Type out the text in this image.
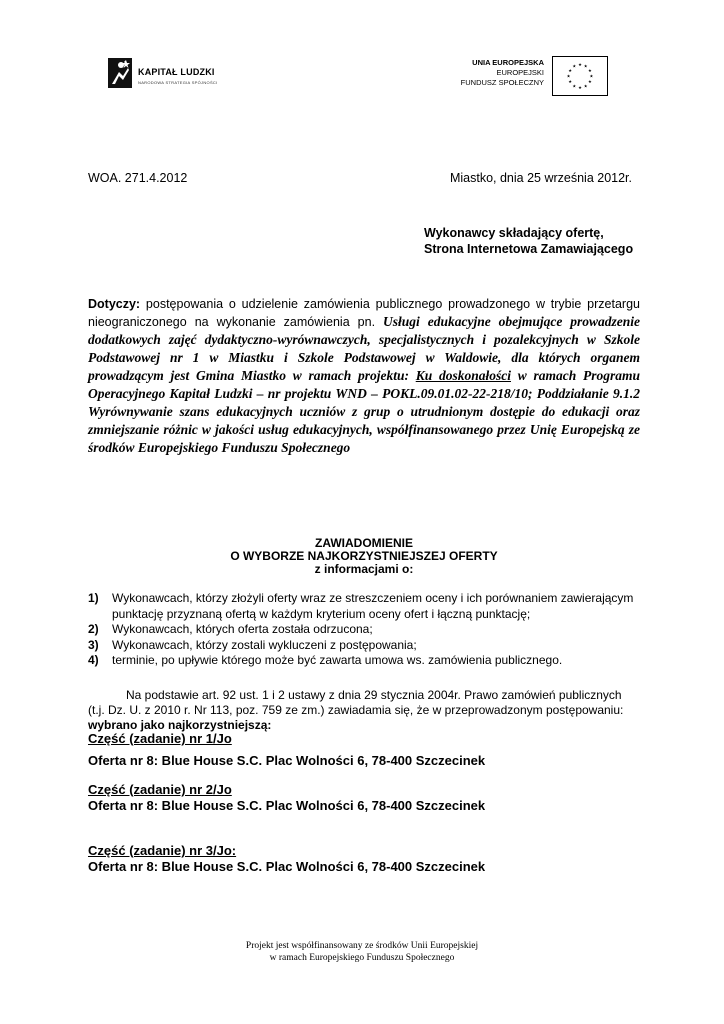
KAPITAŁ LUDZKI
NARODOWA STRATEGIA SPÓJNOŚCI
UNIA EUROPEJSKA
EUROPEJSKI
FUNDUSZ SPOŁECZNY
★
★
★
★
★
★
★
★
★ ★ ★
★
WOA. 271.4.2012	Miastko, dnia 25 września 2012r.
Wykonawcy składający ofertę,
Strona Internetowa Zamawiającego
Dotyczy: postępowania o udzielenie zamówienia publicznego prowadzonego w trybie przetargu nieograniczonego na wykonanie zamówienia pn. Usługi edukacyjne obejmujące prowadzenie dodatkowych zajęć dydaktyczno-wyrównawczych, specjalistycznych i pozalekcyjnych w Szkole Podstawowej nr 1 w Miastku i Szkole Podstawowej w Waldowie, dla których organem prowadzącym jest Gmina Miastko w ramach projektu: Ku doskonałości w ramach Programu Operacyjnego Kapitał Ludzki – nr projektu WND – POKL.09.01.02-22-218/10; Poddziałanie 9.1.2 Wyrównywanie szans edukacyjnych uczniów z grup o utrudnionym dostępie do edukacji oraz zmniejszanie różnic w jakości usług edukacyjnych, współfinansowanego przez Unię Europejską ze środków Europejskiego Funduszu Społecznego
ZAWIADOMIENIE
O WYBORZE NAJKORZYSTNIEJSZEJ OFERTY
z informacjami o:
1)	Wykonawcach, którzy złożyli oferty wraz ze streszczeniem oceny i ich porównaniem zawierającym
punktację przyznaną ofertą w każdym kryterium oceny ofert i łączną punktację;
2)	Wykonawcach, których oferta została odrzucona;
3)	Wykonawcach, którzy zostali wykluczeni z postępowania;
4)	terminie, po upływie którego może być zawarta umowa ws. zamówienia publicznego.
Na podstawie art. 92 ust. 1 i 2 ustawy z dnia 29 stycznia 2004r. Prawo zamówień publicznych
(t.j. Dz. U. z 2010 r. Nr 113, poz. 759 ze zm.) zawiadamia się, że w przeprowadzonym postępowaniu:
wybrano jako najkorzystniejszą:
Część (zadanie) nr 1/Jo
Oferta nr 8: Blue House S.C. Plac Wolności 6, 78-400 Szczecinek
Część (zadanie) nr 2/Jo
Oferta nr 8: Blue House S.C. Plac Wolności 6, 78-400 Szczecinek
Część (zadanie) nr 3/Jo:
Oferta nr 8: Blue House S.C. Plac Wolności 6, 78-400 Szczecinek
Projekt jest współfinansowany ze środków Unii Europejskiej
w ramach Europejskiego Funduszu Społecznego
